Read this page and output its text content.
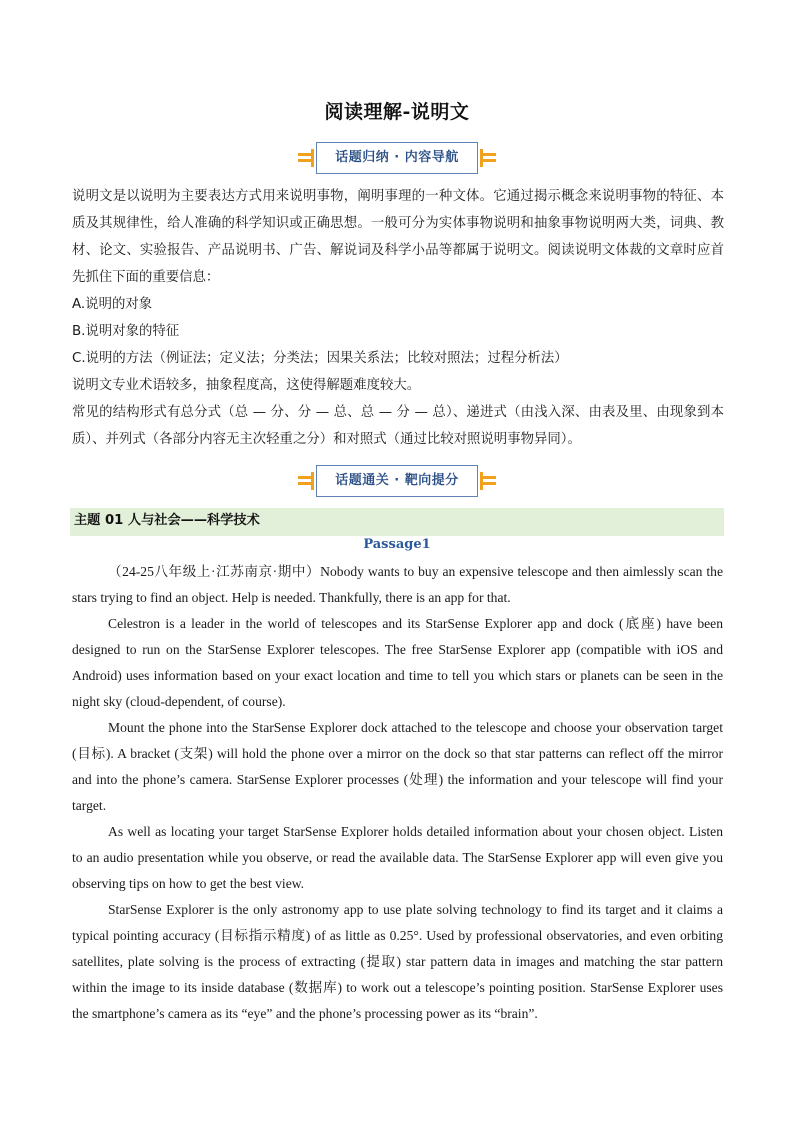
阅读理解-说明文
话题归纳 · 内容导航

说明文是以说明为主要表达方式用来说明事物，阐明事理的一种文体。它通过揭示概念来说明事物的特征、本质及其规律性，给人准确的科学知识或正确思想。一般可分为实体事物说明和抽象事物说明两大类，词典、教材、论文、实验报告、产品说明书、广告、解说词及科学小品等都属于说明文。阅读说明文体裁的文章时应首先抓住下面的重要信息：

A.说明的对象

B.说明对象的特征

C.说明的方法（例证法；定义法；分类法；因果关系法；比较对照法；过程分析法）

说明文专业术语较多，抽象程度高，这使得解题难度较大。

常见的结构形式有总分式（总 — 分、分 — 总、总 — 分 — 总）、递进式（由浅入深、由表及里、由现象到本质）、并列式（各部分内容无主次轻重之分）和对照式（通过比较对照说明事物异同）。

话题通关 · 靶向提分
主题 01 人与社会——科学技术
Passage1

（24-25八年级上·江苏南京·期中）Nobody wants to buy an expensive telescope and then aimlessly scan the stars trying to find an object. Help is needed. Thankfully, there is an app for that.

Celestron is a leader in the world of telescopes and its StarSense Explorer app and dock (底座) have been designed to run on the StarSense Explorer telescopes. The free StarSense Explorer app (compatible with iOS and Android) uses information based on your exact location and time to tell you which stars or planets can be seen in the night sky (cloud-dependent, of course).

Mount the phone into the StarSense Explorer dock attached to the telescope and choose your observation target (目标). A bracket (支架) will hold the phone over a mirror on the dock so that star patterns can reflect off the mirror and into the phone’s camera. StarSense Explorer processes (处理) the information and your telescope will find your target.

As well as locating your target StarSense Explorer holds detailed information about your chosen object. Listen to an audio presentation while you observe, or read the available data. The StarSense Explorer app will even give you observing tips on how to get the best view.

StarSense Explorer is the only astronomy app to use plate solving technology to find its target and it claims a typical pointing accuracy (目标指示精度) of as little as 0.25°. Used by professional observatories, and even orbiting satellites, plate solving is the process of extracting (提取) star pattern data in images and matching the star pattern within the image to its inside database (数据库) to work out a telescope’s pointing position. StarSense Explorer uses the smartphone’s camera as its “eye” and the phone’s processing power as its “brain”.
